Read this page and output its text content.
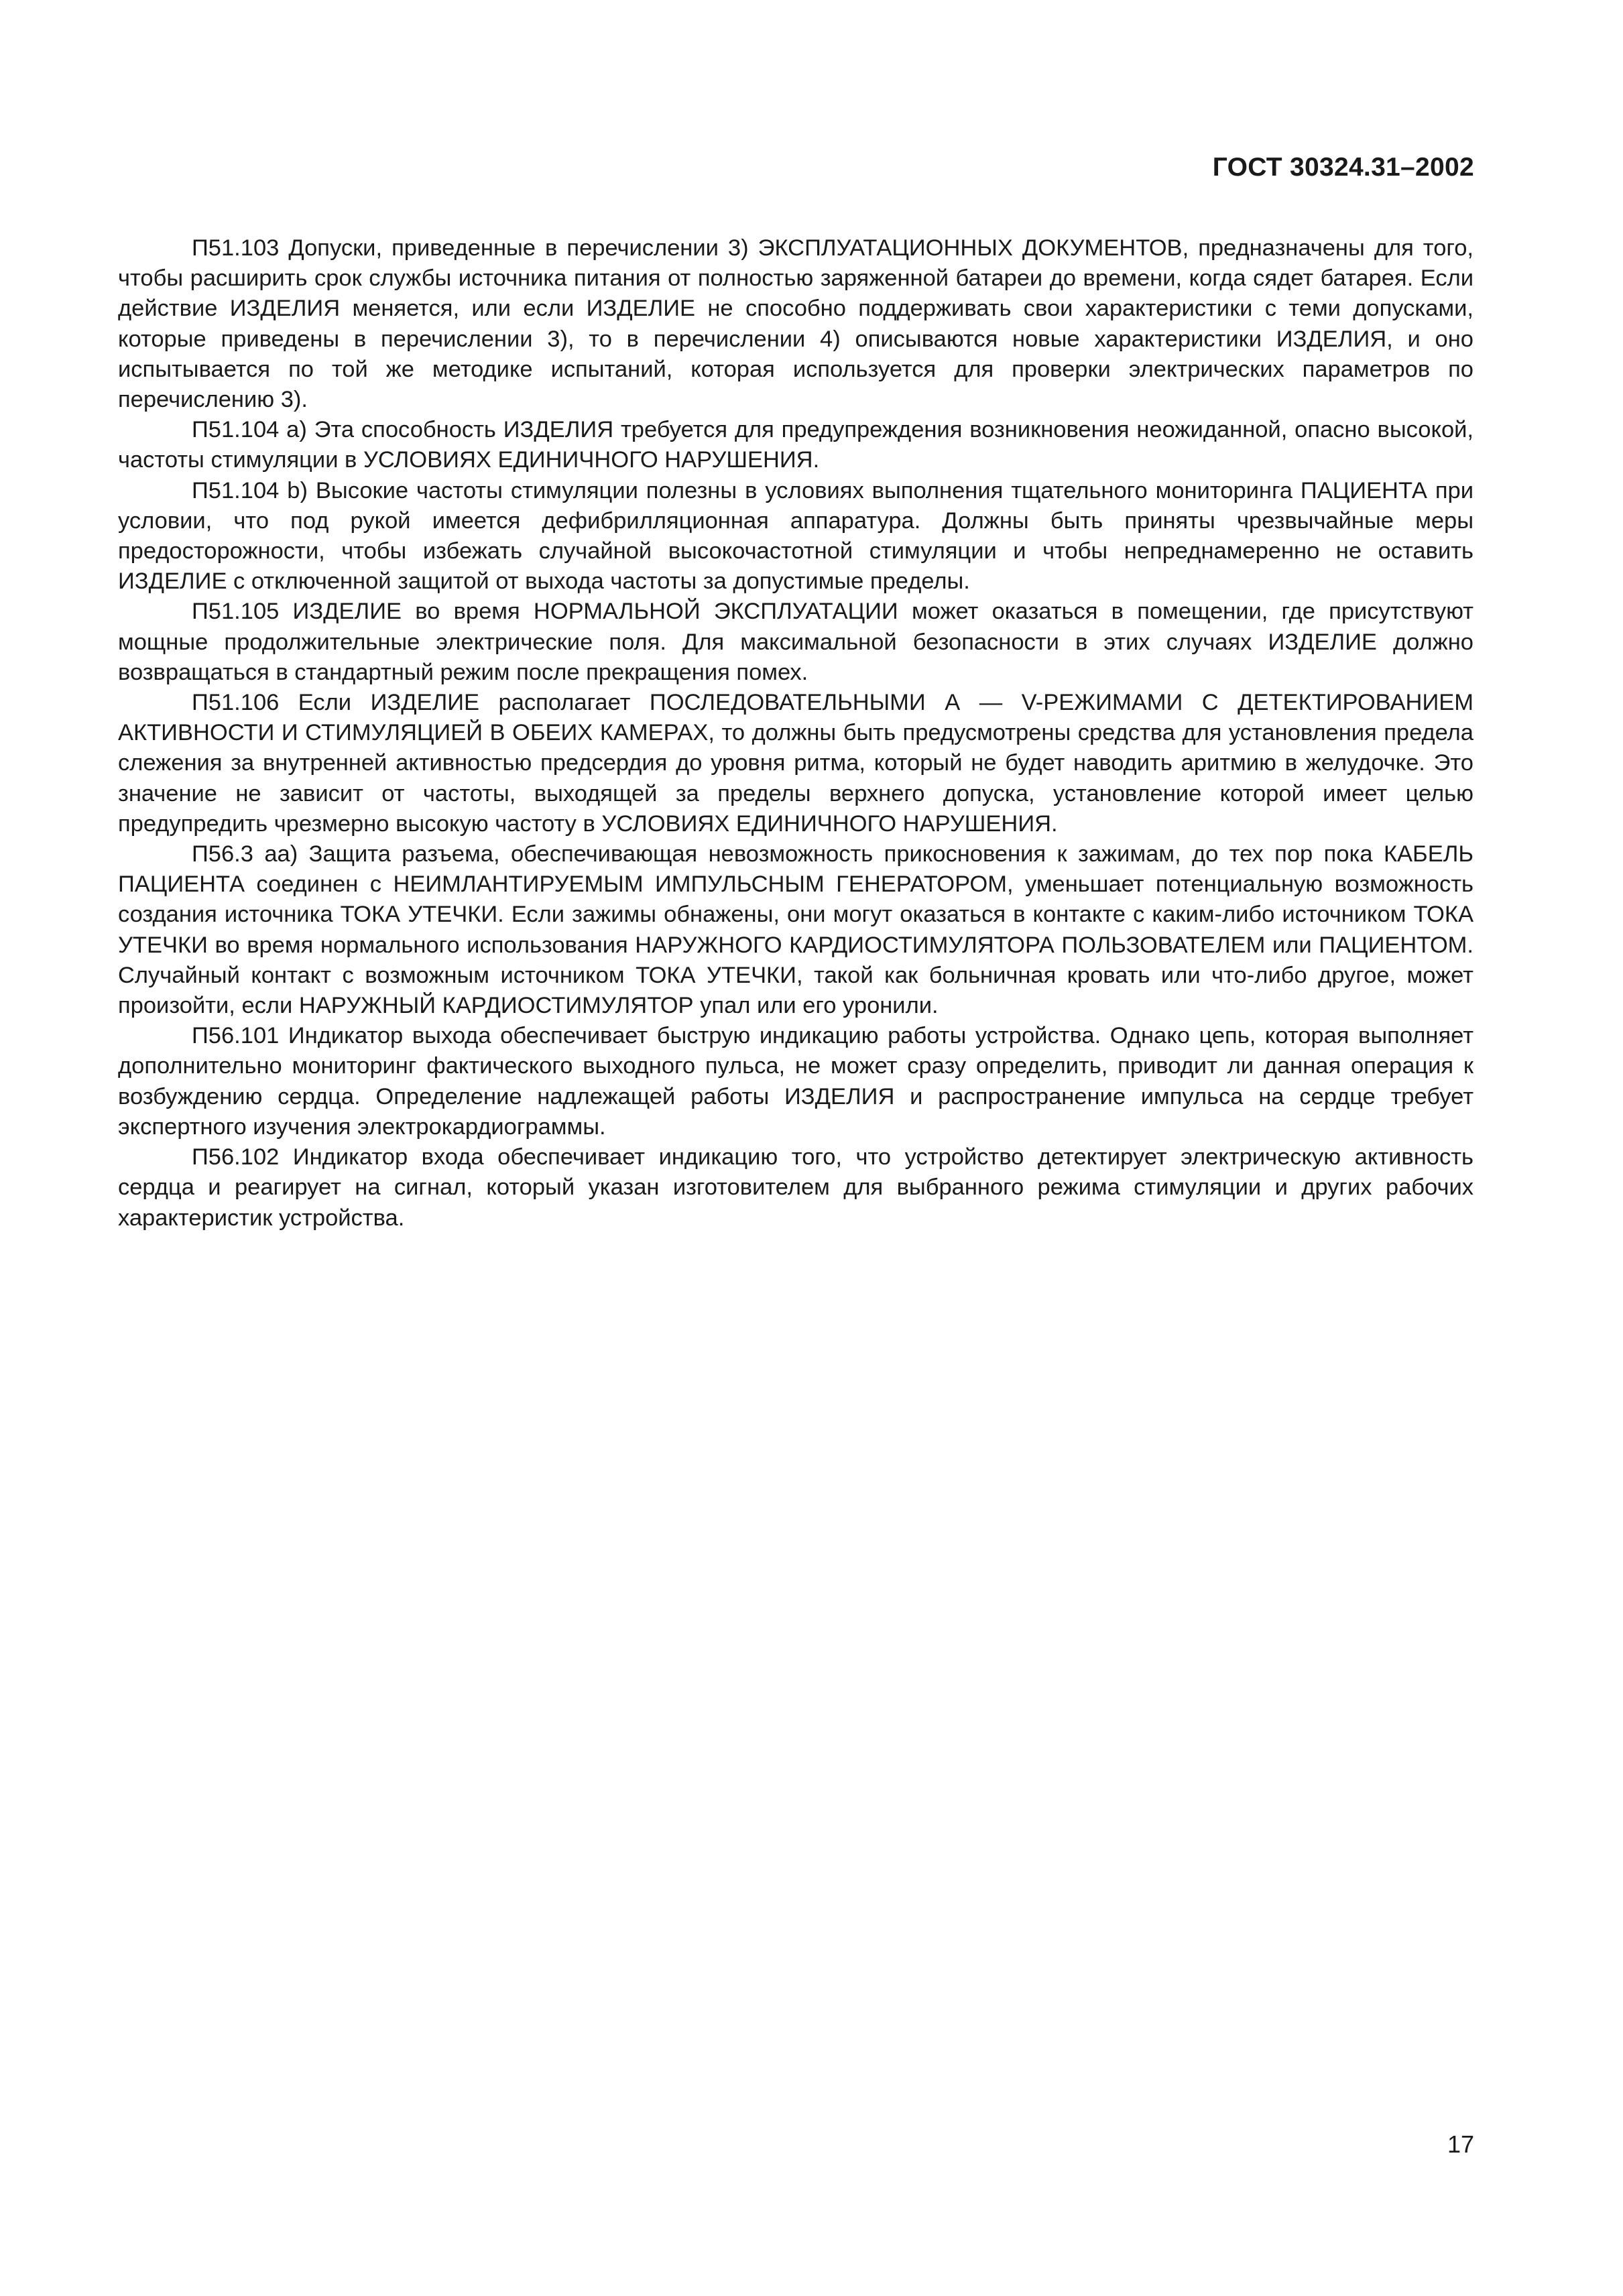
ГОСТ 30324.31–2002

П51.103 Допуски, приведенные в перечислении 3) ЭКСПЛУАТАЦИОННЫХ ДОКУМЕНТОВ, предназначены для того, чтобы расширить срок службы источника питания от полностью заряженной батареи до времени, когда сядет батарея. Если действие ИЗДЕЛИЯ меняется, или если ИЗДЕЛИЕ не способно поддерживать свои характеристики с теми допусками, которые приведены в перечислении 3), то в перечислении 4) описываются новые характеристики ИЗДЕЛИЯ, и оно испытывается по той же методике испытаний, которая используется для проверки электрических параметров по перечислению 3).

П51.104 а) Эта способность ИЗДЕЛИЯ требуется для предупреждения возникновения неожиданной, опасно высокой, частоты стимуляции в УСЛОВИЯХ ЕДИНИЧНОГО НАРУШЕНИЯ.

П51.104 b) Высокие частоты стимуляции полезны в условиях выполнения тщательного мониторинга ПАЦИЕНТА при условии, что под рукой имеется дефибрилляционная аппаратура. Должны быть приняты чрезвычайные меры предосторожности, чтобы избежать случайной высокочастотной стимуляции и чтобы непреднамеренно не оставить ИЗДЕЛИЕ с отключенной защитой от выхода частоты за допустимые пределы.

П51.105 ИЗДЕЛИЕ во время НОРМАЛЬНОЙ ЭКСПЛУАТАЦИИ может оказаться в помещении, где присутствуют мощные продолжительные электрические поля. Для максимальной безопасности в этих случаях ИЗДЕЛИЕ должно возвращаться в стандартный режим после прекращения помех.

П51.106 Если ИЗДЕЛИЕ располагает ПОСЛЕДОВАТЕЛЬНЫМИ А — V-РЕЖИМАМИ С ДЕТЕКТИРОВАНИЕМ АКТИВНОСТИ И СТИМУЛЯЦИЕЙ В ОБЕИХ КАМЕРАХ, то должны быть предусмотрены средства для установления предела слежения за внутренней активностью предсердия до уровня ритма, который не будет наводить аритмию в желудочке. Это значение не зависит от частоты, выходящей за пределы верхнего допуска, установление которой имеет целью предупредить чрезмерно высокую частоту в УСЛОВИЯХ ЕДИНИЧНОГО НАРУШЕНИЯ.

П56.3 аа) Защита разъема, обеспечивающая невозможность прикосновения к зажимам, до тех пор пока КАБЕЛЬ ПАЦИЕНТА соединен с НЕИМЛАНТИРУЕМЫМ ИМПУЛЬСНЫМ ГЕНЕРАТОРОМ, уменьшает потенциальную возможность создания источника ТОКА УТЕЧКИ. Если зажимы обнажены, они могут оказаться в контакте с каким-либо источником ТОКА УТЕЧКИ во время нормального использования НАРУЖНОГО КАРДИОСТИМУЛЯТОРА ПОЛЬЗОВАТЕЛЕМ или ПАЦИЕНТОМ. Случайный контакт с возможным источником ТОКА УТЕЧКИ, такой как больничная кровать или что-либо другое, может произойти, если НАРУЖНЫЙ КАРДИОСТИМУЛЯТОР упал или его уронили.

П56.101 Индикатор выхода обеспечивает быструю индикацию работы устройства. Однако цепь, которая выполняет дополнительно мониторинг фактического выходного пульса, не может сразу определить, приводит ли данная операция к возбуждению сердца. Определение надлежащей работы ИЗДЕЛИЯ и распространение импульса на сердце требует экспертного изучения электрокардиограммы.

П56.102 Индикатор входа обеспечивает индикацию того, что устройство детектирует электрическую активность сердца и реагирует на сигнал, который указан изготовителем для выбранного режима стимуляции и других рабочих характеристик устройства.

17
